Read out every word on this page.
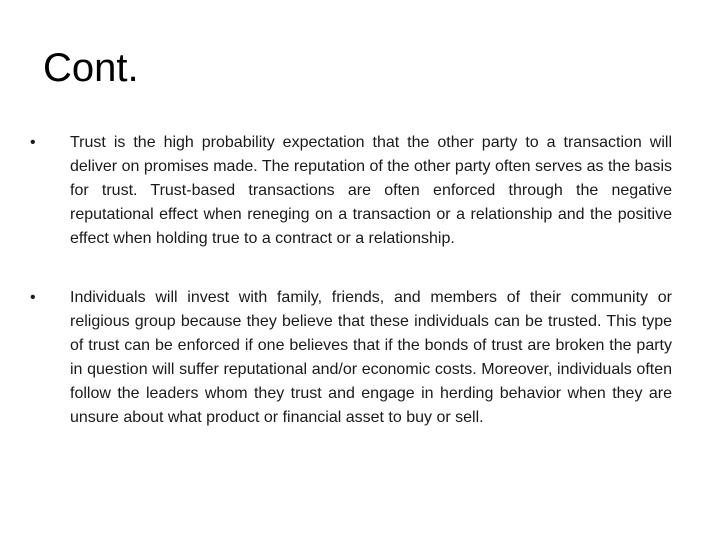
Cont.
•	Trust is the high probability expectation that the other party to a transaction will deliver on promises made. The reputation of the other party often serves as the basis for trust. Trust-based transactions are often enforced through the negative reputational effect when reneging on a transaction or a relationship and the positive effect when holding true to a contract or a relationship.
•	Individuals will invest with family, friends, and members of their community or religious group because they believe that these individuals can be trusted. This type of trust can be enforced if one believes that if the bonds of trust are broken the party in question will suffer reputational and/or economic costs. Moreover, individuals often follow the leaders whom they trust and engage in herding behavior when they are unsure about what product or financial asset to buy or sell.
